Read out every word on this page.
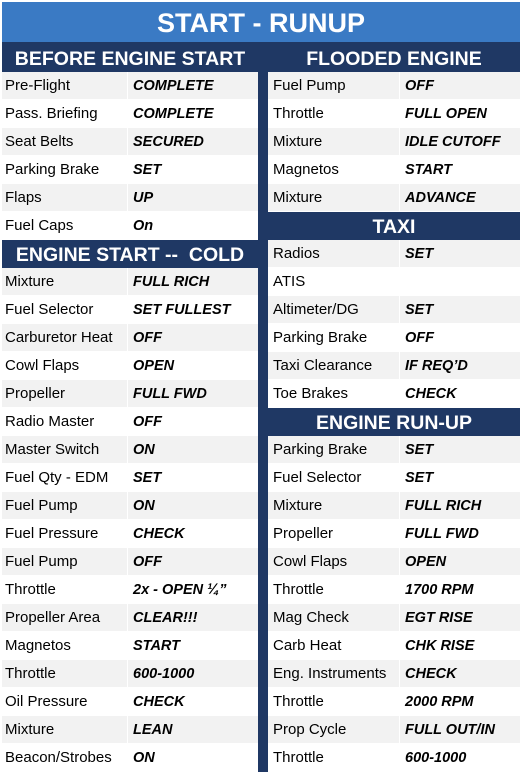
START - RUNUP
BEFORE ENGINE START
Pre-Flight	COMPLETE
Pass. Briefing	COMPLETE
Seat Belts	SECURED
Parking Brake	SET
Flaps	UP
Fuel Caps	On
ENGINE START --  COLD
Mixture	FULL RICH
Fuel Selector	SET FULLEST
Carburetor Heat	OFF
Cowl Flaps	OPEN
Propeller	FULL FWD
Radio Master	OFF
Master Switch	ON
Fuel Qty - EDM	SET
Fuel Pump	ON
Fuel Pressure	CHECK
Fuel Pump	OFF
Throttle	2x - OPEN ¼”
Propeller Area	CLEAR!!!
Magnetos	START
Throttle	600-1000
Oil Pressure	CHECK
Mixture	LEAN
Beacon/Strobes	ON
FLOODED ENGINE
Fuel Pump	OFF
Throttle	FULL OPEN
Mixture	IDLE CUTOFF
Magnetos	START
Mixture	ADVANCE
TAXI
Radios	SET
ATIS
Altimeter/DG	SET
Parking Brake	OFF
Taxi Clearance	IF REQ’D
Toe Brakes	CHECK
ENGINE RUN-UP
Parking Brake	SET
Fuel Selector	SET
Mixture	FULL RICH
Propeller	FULL FWD
Cowl Flaps	OPEN
Throttle	1700 RPM
Mag Check	EGT RISE
Carb Heat	CHK RISE
Eng. Instruments	CHECK
Throttle	2000 RPM
Prop Cycle	FULL OUT/IN
Throttle	600-1000
